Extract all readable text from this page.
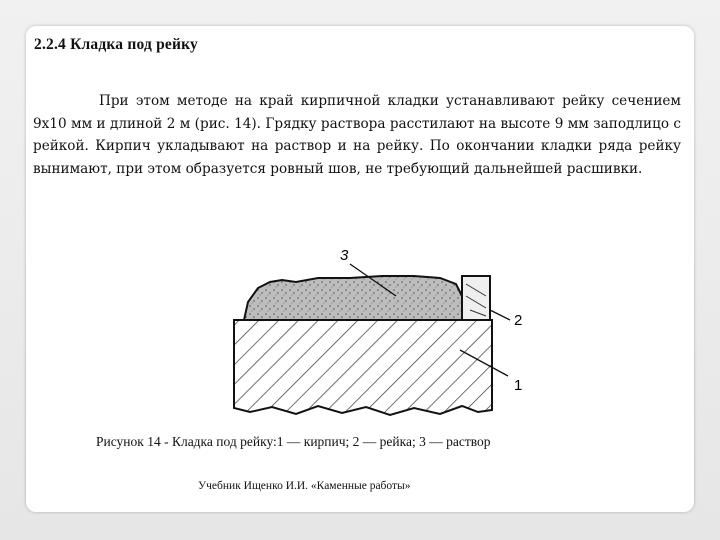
2.2.4 Кладка под рейку
При этом методе на край кирпичной кладки устанавливают рейку сечением 9х10 мм и длиной 2 м (рис. 14). Грядку раствора расстилают на высоте 9 мм заподлицо с рейкой. Кирпич укладывают на раствор и на рейку. По окончании кладки ряда рейку вынимают, при этом образуется ровный шов, не требующий дальнейшей расшивки.
3
2
1
Рисунок 14 - Кладка под рейку:1 — кирпич; 2 — рейка; 3 — раствор
Учебник Ищенко И.И. «Каменные работы»
